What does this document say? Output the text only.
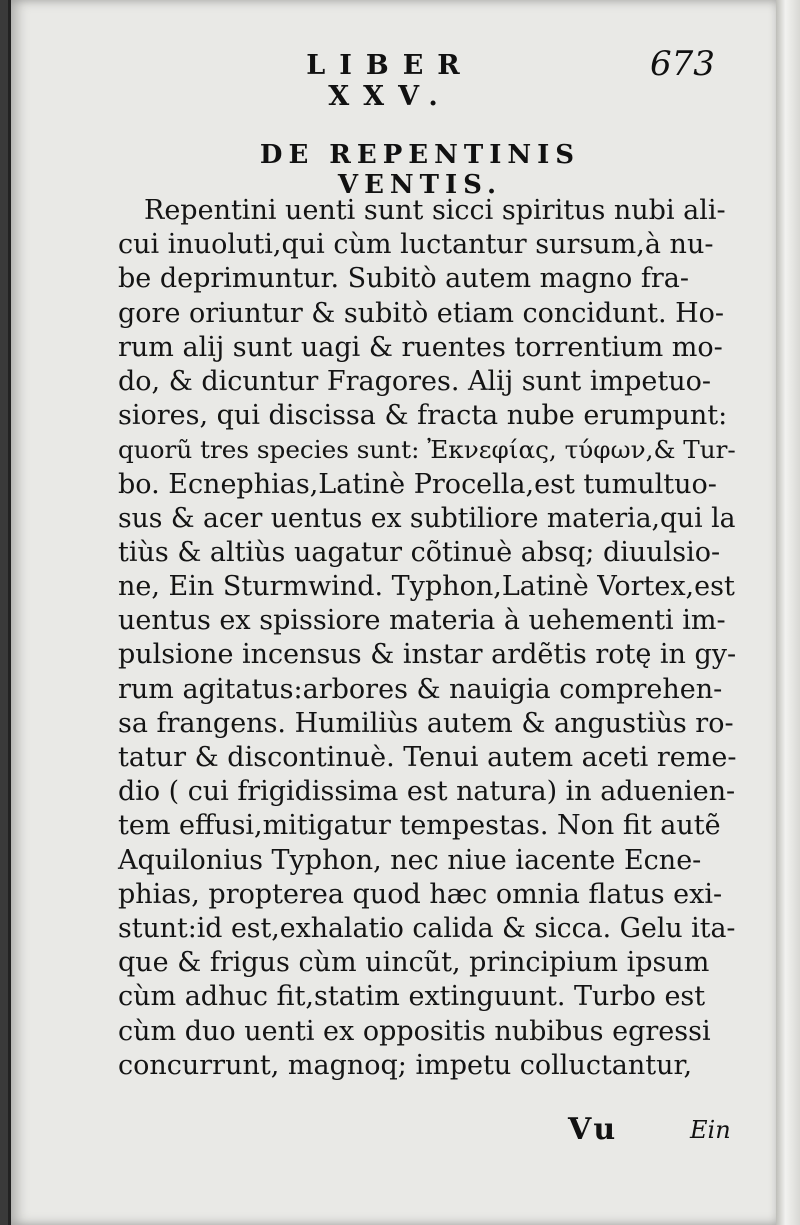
LIBER XXV.
673
DE REPENTINIS VENTIS.
Repentini uenti sunt sicci spiritus nubi ali-
cui inuoluti,qui cùm luctantur sursum,à nu-
be deprimuntur. Subitò autem magno fra-
gore oriuntur & subitò etiam concidunt. Ho-
rum alij sunt uagi & ruentes torrentium mo-
do, & dicuntur Fragores. Alij sunt impetuo-
siores, qui discissa & fracta nube erumpunt:
quorũ tres species sunt: Ἐκνεφίας, τύφων,& Tur-
bo. Ecnephias,Latinè Procella,est tumultuo-
sus & acer uentus ex subtiliore materia,qui la
tiùs & altiùs uagatur cõtinuè absq; diuulsio-
ne, Ein Sturmwind. Typhon,Latinè Vortex,est
uentus ex spissiore materia à uehementi im-
pulsione incensus & instar ardẽtis rotę in gy-
rum agitatus:arbores & nauigia comprehen-
sa frangens. Humiliùs autem & angustiùs ro-
tatur & discontinuè. Tenui autem aceti reme-
dio ( cui frigidissima est natura) in aduenien-
tem effusi,mitigatur tempestas. Non fit autẽ
Aquilonius Typhon, nec niue iacente Ecne-
phias, propterea quod hæc omnia flatus exi-
stunt:id est,exhalatio calida & sicca. Gelu ita-
que & frigus cùm uincũt, principium ipsum
cùm adhuc fit,statim extinguunt. Turbo est
cùm duo uenti ex oppositis nubibus egressi
concurrunt, magnoq; impetu colluctantur,
Vu	Ein
